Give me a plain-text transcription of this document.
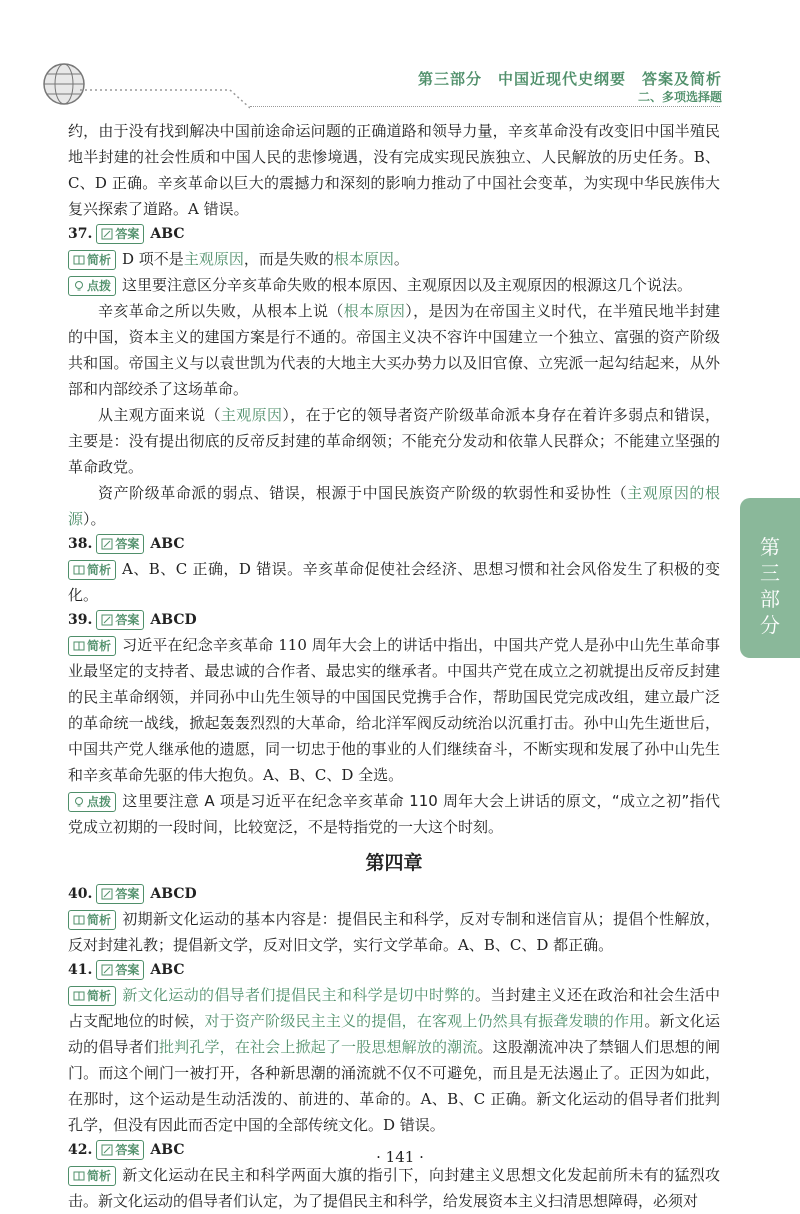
第三部分　中国近现代史纲要　答案及简析
二、多项选择题
第三部分

约，由于没有找到解决中国前途命运问题的正确道路和领导力量，辛亥革命没有改变旧中国半殖民地半封建的社会性质和中国人民的悲惨境遇，没有完成实现民族独立、人民解放的历史任务。B、C、D 正确。辛亥革命以巨大的震撼力和深刻的影响力推动了中国社会变革，为实现中华民族伟大复兴探索了道路。A 错误。

37. 答案 ABC

简析 D 项不是主观原因，而是失败的根本原因。

点拨 这里要注意区分辛亥革命失败的根本原因、主观原因以及主观原因的根源这几个说法。

辛亥革命之所以失败，从根本上说（根本原因），是因为在帝国主义时代，在半殖民地半封建的中国，资本主义的建国方案是行不通的。帝国主义决不容许中国建立一个独立、富强的资产阶级共和国。帝国主义与以袁世凯为代表的大地主大买办势力以及旧官僚、立宪派一起勾结起来，从外部和内部绞杀了这场革命。

从主观方面来说（主观原因），在于它的领导者资产阶级革命派本身存在着许多弱点和错误，主要是：没有提出彻底的反帝反封建的革命纲领；不能充分发动和依靠人民群众；不能建立坚强的革命政党。

资产阶级革命派的弱点、错误，根源于中国民族资产阶级的软弱性和妥协性（主观原因的根源）。

38. 答案 ABC

简析 A、B、C 正确，D 错误。辛亥革命促使社会经济、思想习惯和社会风俗发生了积极的变化。

39. 答案 ABCD

简析 习近平在纪念辛亥革命 110 周年大会上的讲话中指出，中国共产党人是孙中山先生革命事业最坚定的支持者、最忠诚的合作者、最忠实的继承者。中国共产党在成立之初就提出反帝反封建的民主革命纲领，并同孙中山先生领导的中国国民党携手合作，帮助国民党完成改组，建立最广泛的革命统一战线，掀起轰轰烈烈的大革命，给北洋军阀反动统治以沉重打击。孙中山先生逝世后，中国共产党人继承他的遗愿，同一切忠于他的事业的人们继续奋斗，不断实现和发展了孙中山先生和辛亥革命先驱的伟大抱负。A、B、C、D 全选。

点拨 这里要注意 A 项是习近平在纪念辛亥革命 110 周年大会上讲话的原文，“成立之初”指代党成立初期的一段时间，比较宽泛，不是特指党的一大这个时刻。

第四章
40. 答案 ABCD

简析 初期新文化运动的基本内容是：提倡民主和科学，反对专制和迷信盲从；提倡个性解放，反对封建礼教；提倡新文学，反对旧文学，实行文学革命。A、B、C、D 都正确。

41. 答案 ABC

简析 新文化运动的倡导者们提倡民主和科学是切中时弊的。当封建主义还在政治和社会生活中占支配地位的时候，对于资产阶级民主主义的提倡，在客观上仍然具有振聋发聩的作用。新文化运动的倡导者们批判孔学，在社会上掀起了一股思想解放的潮流。这股潮流冲决了禁锢人们思想的闸门。而这个闸门一被打开，各种新思潮的涌流就不仅不可避免，而且是无法遏止了。正因为如此，在那时，这个运动是生动活泼的、前进的、革命的。A、B、C 正确。新文化运动的倡导者们批判孔学，但没有因此而否定中国的全部传统文化。D 错误。

42. 答案 ABC

简析 新文化运动在民主和科学两面大旗的指引下，向封建主义思想文化发起前所未有的猛烈攻击。新文化运动的倡导者们认定，为了提倡民主和科学，给发展资本主义扫清思想障碍，必须对

· 141 ·
